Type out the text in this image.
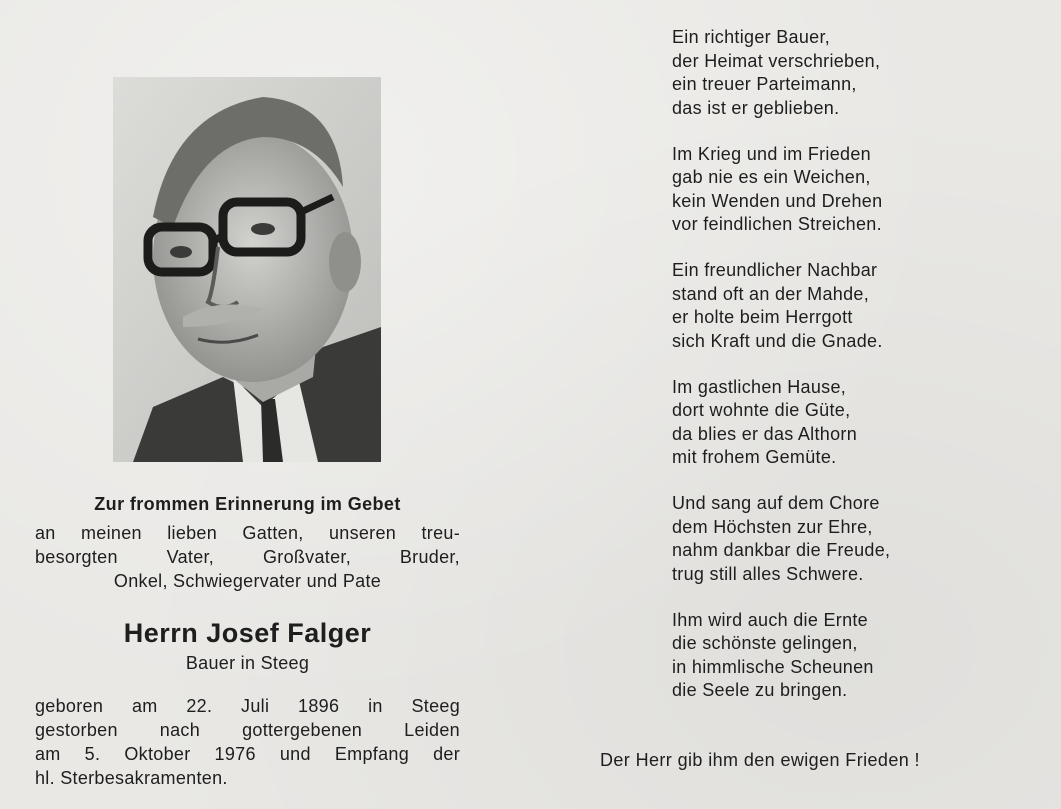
Zur frommen Erinnerung im Gebet
an meinen lieben Gatten, unseren treu-
besorgten Vater, Großvater, Bruder,
Onkel, Schwiegervater und Pate
Herrn Josef Falger
Bauer in Steeg
geboren am 22. Juli 1896 in Steeg
gestorben nach gottergebenen Leiden
am 5. Oktober 1976 und Empfang der
hl. Sterbesakramenten.
Ein richtiger Bauer,
der Heimat verschrieben,
ein treuer Parteimann,
das ist er geblieben.
Im Krieg und im Frieden
gab nie es ein Weichen,
kein Wenden und Drehen
vor feindlichen Streichen.
Ein freundlicher Nachbar
stand oft an der Mahde,
er holte beim Herrgott
sich Kraft und die Gnade.
Im gastlichen Hause,
dort wohnte die Güte,
da blies er das Althorn
mit frohem Gemüte.
Und sang auf dem Chore
dem Höchsten zur Ehre,
nahm dankbar die Freude,
trug still alles Schwere.
Ihm wird auch die Ernte
die schönste gelingen,
in himmlische Scheunen
die Seele zu bringen.
Der Herr gib ihm den ewigen Frieden !
